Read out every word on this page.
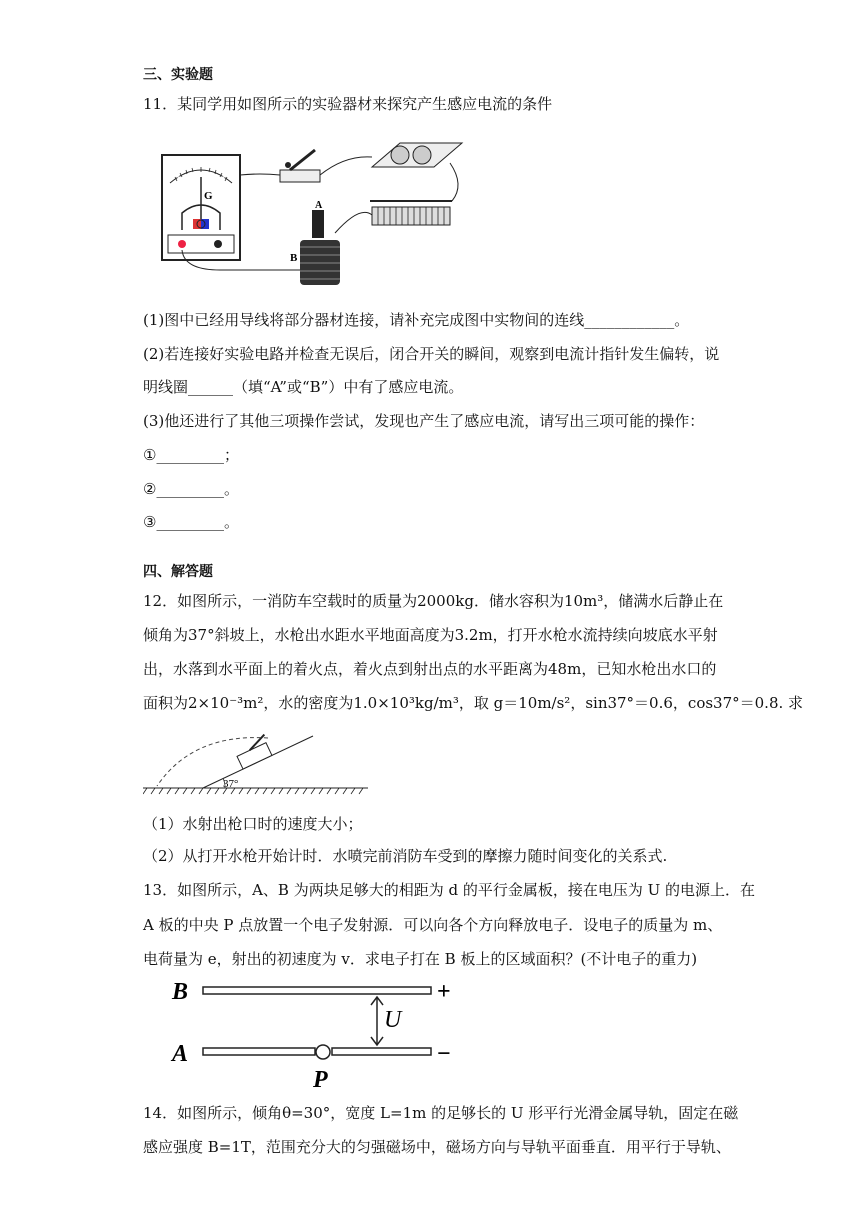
三、实验题
11．某同学用如图所示的实验器材来探究产生感应电流的条件
G
A
B
(1)图中已经用导线将部分器材连接，请补充完成图中实物间的连线____________。
(2)若连接好实验电路并检查无误后，闭合开关的瞬间，观察到电流计指针发生偏转，说
明线圈______（填“A”或“B”）中有了感应电流。
(3)他还进行了其他三项操作尝试，发现也产生了感应电流，请写出三项可能的操作：
①_________；
②_________。
③_________。
四、解答题
12．如图所示，一消防车空载时的质量为2000kg．储水容积为10m³，储满水后静止在
倾角为37°斜坡上，水枪出水距水平地面高度为3.2m，打开水枪水流持续向坡底水平射
出，水落到水平面上的着火点，着火点到射出点的水平距离为48m，已知水枪出水口的
面积为2×10⁻³m²，水的密度为1.0×10³kg/m³，取 g＝10m/s²，sin37°＝0.6，cos37°＝0.8. 求
37°
（1）水射出枪口时的速度大小；
（2）从打开水枪开始计时．水喷完前消防车受到的摩擦力随时间变化的关系式.
13．如图所示，A、B 为两块足够大的相距为 d 的平行金属板，接在电压为 U 的电源上．在
A 板的中央 P 点放置一个电子发射源．可以向各个方向释放电子．设电子的质量为 m、
电荷量为 e，射出的初速度为 v．求电子打在 B 板上的区域面积？(不计电子的重力)
B
A
+
−
U
P
14．如图所示，倾角θ=30°，宽度 L=1m 的足够长的 U 形平行光滑金属导轨，固定在磁
感应强度 B=1T，范围充分大的匀强磁场中，磁场方向与导轨平面垂直．用平行于导轨、
